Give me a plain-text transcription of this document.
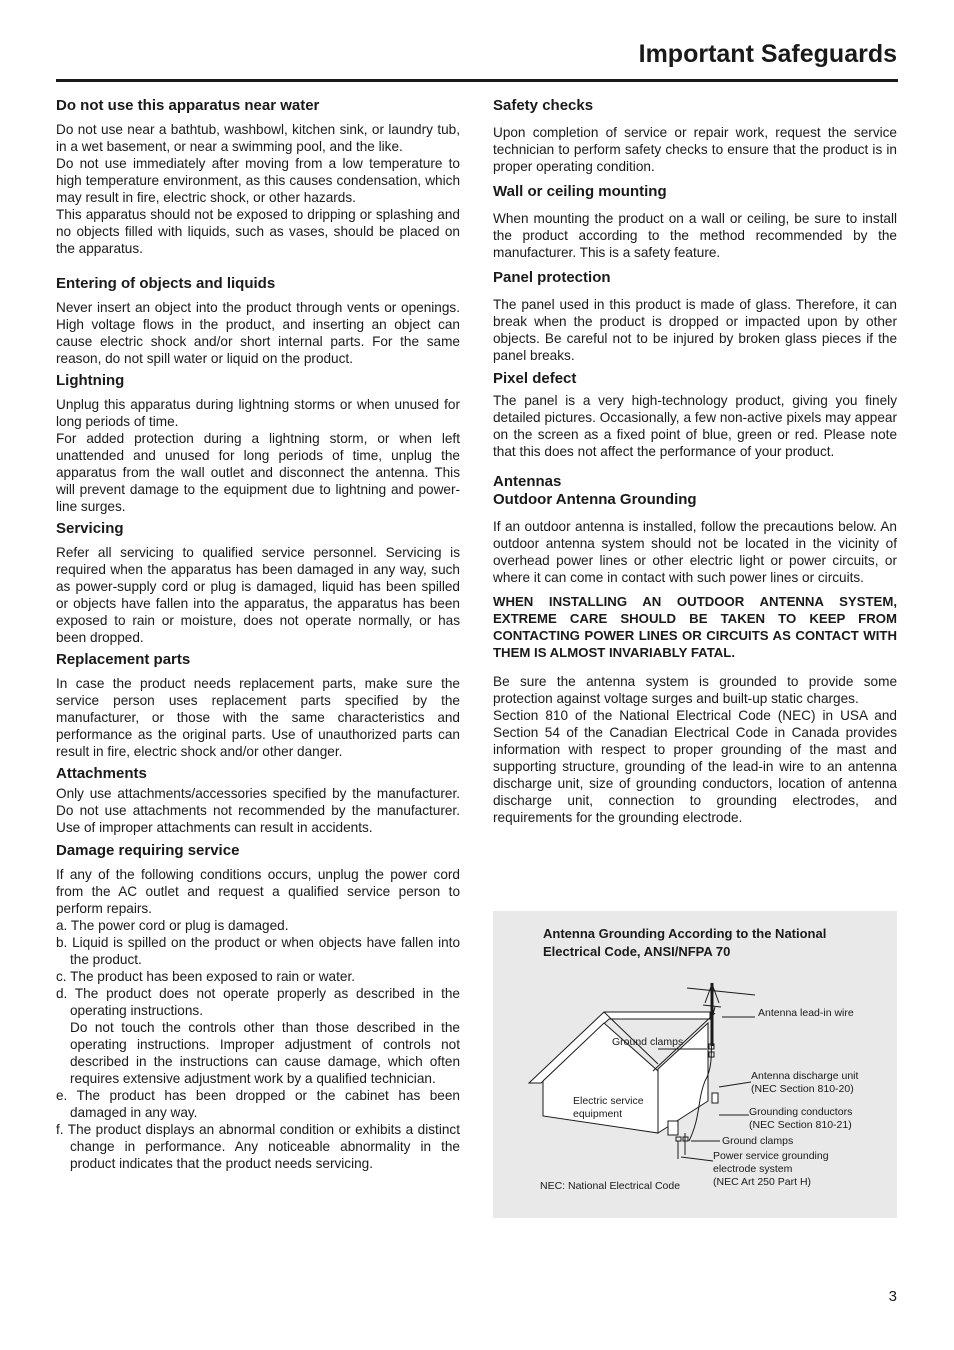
Important Safeguards
Do not use this apparatus near water

Do not use near a bathtub, washbowl, kitchen sink, or laundry tub, in a wet basement, or near a swimming pool, and the like.

Do not use immediately after moving from a low temperature to high temperature environment, as this causes condensation, which may result in fire, electric shock, or other hazards.

This apparatus should not be exposed to dripping or splashing and no objects filled with liquids, such as vases, should be placed on the apparatus.

Entering of objects and liquids

Never insert an object into the product through vents or openings. High voltage flows in the product, and inserting an object can cause electric shock and/or short internal parts. For the same reason, do not spill water or liquid on the product.

Lightning

Unplug this apparatus during lightning storms or when unused for long periods of time.

For added protection during a lightning storm, or when left unattended and unused for long periods of time, unplug the apparatus from the wall outlet and disconnect the antenna. This will prevent damage to the equipment due to lightning and power-line surges.

Servicing

Refer all servicing to qualified service personnel. Servicing is required when the apparatus has been damaged in any way, such as power-supply cord or plug is damaged, liquid has been spilled or objects have fallen into the apparatus, the apparatus has been exposed to rain or moisture, does not operate normally, or has been dropped.

Replacement parts

In case the product needs replacement parts, make sure the service person uses replacement parts specified by the manufacturer, or those with the same characteristics and performance as the original parts. Use of unauthorized parts can result in fire, electric shock and/or other danger.

Attachments

Only use attachments/accessories specified by the manufacturer. Do not use attachments not recommended by the manufacturer. Use of improper attachments can result in accidents.

Damage requiring service

If any of the following conditions occurs, unplug the power cord from the AC outlet and request a qualified service person to perform repairs.

a. The power cord or plug is damaged.
b. Liquid is spilled on the product or when objects have fallen into the product.
c. The product has been exposed to rain or water.
d. The product does not operate properly as described in the operating instructions.
Do not touch the controls other than those described in the operating instructions. Improper adjustment of controls not described in the instructions can cause damage, which often requires extensive adjustment work by a qualified technician.
e. The product has been dropped or the cabinet has been damaged in any way.
f. The product displays an abnormal condition or exhibits a distinct change in performance. Any noticeable abnormality in the product indicates that the product needs servicing.
Safety checks

Upon completion of service or repair work, request the service technician to perform safety checks to ensure that the product is in proper operating condition.

Wall or ceiling mounting

When mounting the product on a wall or ceiling, be sure to install the product according to the method recommended by the manufacturer. This is a safety feature.

Panel protection

The panel used in this product is made of glass. Therefore, it can break when the product is dropped or impacted upon by other objects. Be careful not to be injured by broken glass pieces if the panel breaks.

Pixel defect

The panel is a very high-technology product, giving you finely detailed pictures. Occasionally, a few non-active pixels may appear on the screen as a fixed point of blue, green or red. Please note that this does not affect the performance of your product.

Antennas
Outdoor Antenna Grounding

If an outdoor antenna is installed, follow the precautions below. An outdoor antenna system should not be located in the vicinity of overhead power lines or other electric light or power circuits, or where it can come in contact with such power lines or circuits.

WHEN INSTALLING AN OUTDOOR ANTENNA SYSTEM, EXTREME CARE SHOULD BE TAKEN TO KEEP FROM CONTACTING POWER LINES OR CIRCUITS AS CONTACT WITH THEM IS ALMOST INVARIABLY FATAL.

Be sure the antenna system is grounded to provide some protection against voltage surges and built-up static charges.

Section 810 of the National Electrical Code (NEC) in USA and Section 54 of the Canadian Electrical Code in Canada provides information with respect to proper grounding of the mast and supporting structure, grounding of the lead-in wire to an antenna discharge unit, size of grounding conductors, location of antenna discharge unit, connection to grounding electrodes, and requirements for the grounding electrode.

Antenna Grounding According to the National Electrical Code, ANSI/NFPA 70
Antenna lead-in wire
Ground clamps
Antenna discharge unit
(NEC Section 810-20)
Electric service
equipment	Grounding conductors
(NEC Section 810-21)
Ground clamps
Power service grounding
electrode system
(NEC Art 250 Part H)
NEC: National Electrical Code
3
